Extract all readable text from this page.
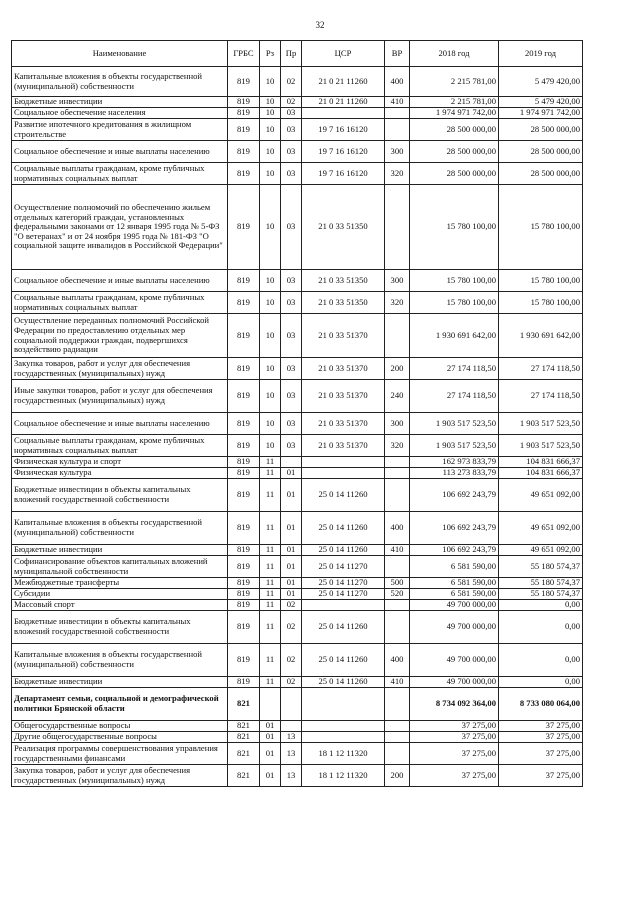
32
Наименование	ГРБС	Рз	Пр	ЦСР	ВР	2018 год	2019 год
Капитальные вложения в объекты государственной (муниципальной) собственности	819	10	02	21 0 21 11260	400	2 215 781,00	5 479 420,00
Бюджетные инвестиции	819	10	02	21 0 21 11260	410	2 215 781,00	5 479 420,00
Социальное обеспечение населения	819	10	03			1 974 971 742,00	1 974 971 742,00
Развитие ипотечного кредитования в жилищном строительстве	819	10	03	19 7 16 16120		28 500 000,00	28 500 000,00
Социальное обеспечение и иные выплаты населению	819	10	03	19 7 16 16120	300	28 500 000,00	28 500 000,00
Социальные выплаты гражданам, кроме публичных нормативных социальных выплат	819	10	03	19 7 16 16120	320	28 500 000,00	28 500 000,00
Осуществление полномочий по обеспечению жильем отдельных категорий граждан, установленных федеральными законами от 12 января 1995 года № 5-ФЗ "О ветеранах" и от 24 ноября 1995 года № 181-ФЗ "О социальной защите инвалидов в Российской Федерации"	819	10	03	21 0 33 51350		15 780 100,00	15 780 100,00
Социальное обеспечение и иные выплаты населению	819	10	03	21 0 33 51350	300	15 780 100,00	15 780 100,00
Социальные выплаты гражданам, кроме публичных нормативных социальных выплат	819	10	03	21 0 33 51350	320	15 780 100,00	15 780 100,00
Осуществление переданных полномочий Российской Федерации по предоставлению отдельных мер социальной поддержки граждан, подвергшихся воздействию радиации	819	10	03	21 0 33 51370		1 930 691 642,00	1 930 691 642,00
Закупка товаров, работ и услуг для обеспечения государственных (муниципальных) нужд	819	10	03	21 0 33 51370	200	27 174 118,50	27 174 118,50
Иные закупки товаров, работ и услуг для обеспечения государственных (муниципальных) нужд	819	10	03	21 0 33 51370	240	27 174 118,50	27 174 118,50
Социальное обеспечение и иные выплаты населению	819	10	03	21 0 33 51370	300	1 903 517 523,50	1 903 517 523,50
Социальные выплаты гражданам, кроме публичных нормативных социальных выплат	819	10	03	21 0 33 51370	320	1 903 517 523,50	1 903 517 523,50
Физическая культура и спорт	819	11				162 973 833,79	104 831 666,37
Физическая культура	819	11	01			113 273 833,79	104 831 666,37
Бюджетные инвестиции в объекты капитальных вложений государственной собственности	819	11	01	25 0 14 11260		106 692 243,79	49 651 092,00
Капитальные вложения в объекты государственной (муниципальной) собственности	819	11	01	25 0 14 11260	400	106 692 243,79	49 651 092,00
Бюджетные инвестиции	819	11	01	25 0 14 11260	410	106 692 243,79	49 651 092,00
Софинансирование объектов капитальных вложений муниципальной собственности	819	11	01	25 0 14 11270		6 581 590,00	55 180 574,37
Межбюджетные трансферты	819	11	01	25 0 14 11270	500	6 581 590,00	55 180 574,37
Субсидии	819	11	01	25 0 14 11270	520	6 581 590,00	55 180 574,37
Массовый спорт	819	11	02			49 700 000,00	0,00
Бюджетные инвестиции в объекты капитальных вложений государственной собственности	819	11	02	25 0 14 11260		49 700 000,00	0,00
Капитальные вложения в объекты государственной (муниципальной) собственности	819	11	02	25 0 14 11260	400	49 700 000,00	0,00
Бюджетные инвестиции	819	11	02	25 0 14 11260	410	49 700 000,00	0,00
Департамент семьи, социальной и демографической политики Брянской области	821					8 734 092 364,00	8 733 080 064,00
Общегосударственные вопросы	821	01				37 275,00	37 275,00
Другие общегосударственные вопросы	821	01	13			37 275,00	37 275,00
Реализация программы совершенствования управления государственными финансами	821	01	13	18 1 12 11320		37 275,00	37 275,00
Закупка товаров, работ и услуг для обеспечения государственных (муниципальных) нужд	821	01	13	18 1 12 11320	200	37 275,00	37 275,00
